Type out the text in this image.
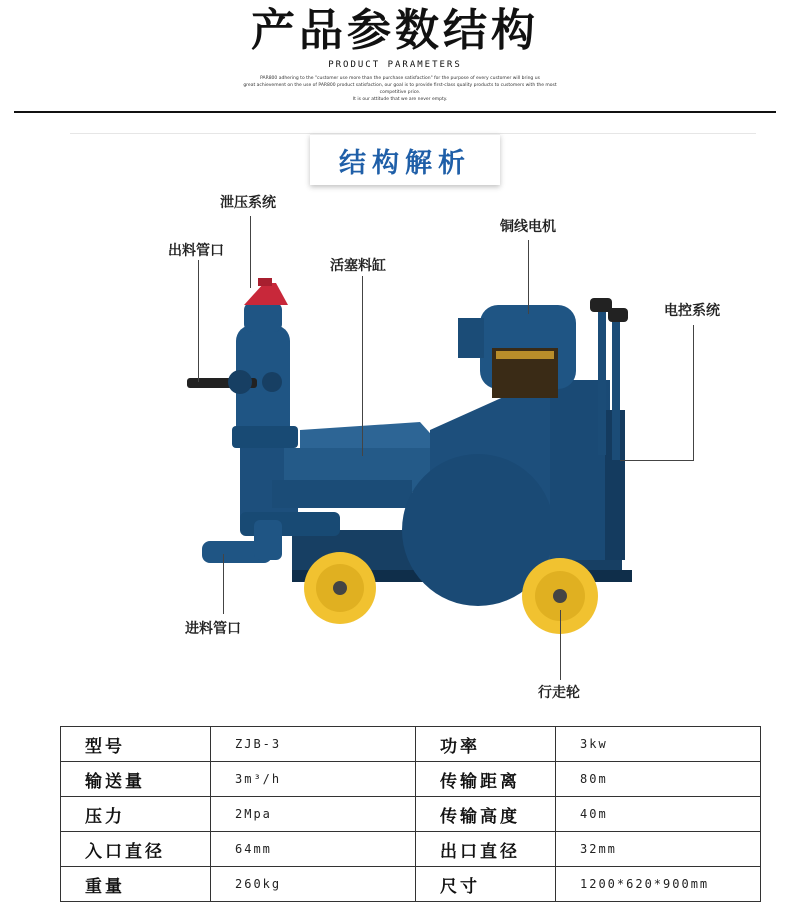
产品参数结构
PRODUCT PARAMETERS
PAR800 adhering to the "customer use more than the purchase satisfaction" for the purpose of every customer will bring us
great achievement on the use of PAR800 product satisfaction, our goal is to provide first-class quality products to customers with the most competitive price.
It is our attitude that we are never empty.
结构解析
泄压系统
出料管口
活塞料缸
铜线电机
电控系统
进料管口
行走轮
型号	ZJB-3	功率	3kw
输送量	3m³/h	传输距离	80m
压力	2Mpa	传输高度	40m
入口直径	64mm	出口直径	32mm
重量	260kg	尺寸	1200*620*900mm
